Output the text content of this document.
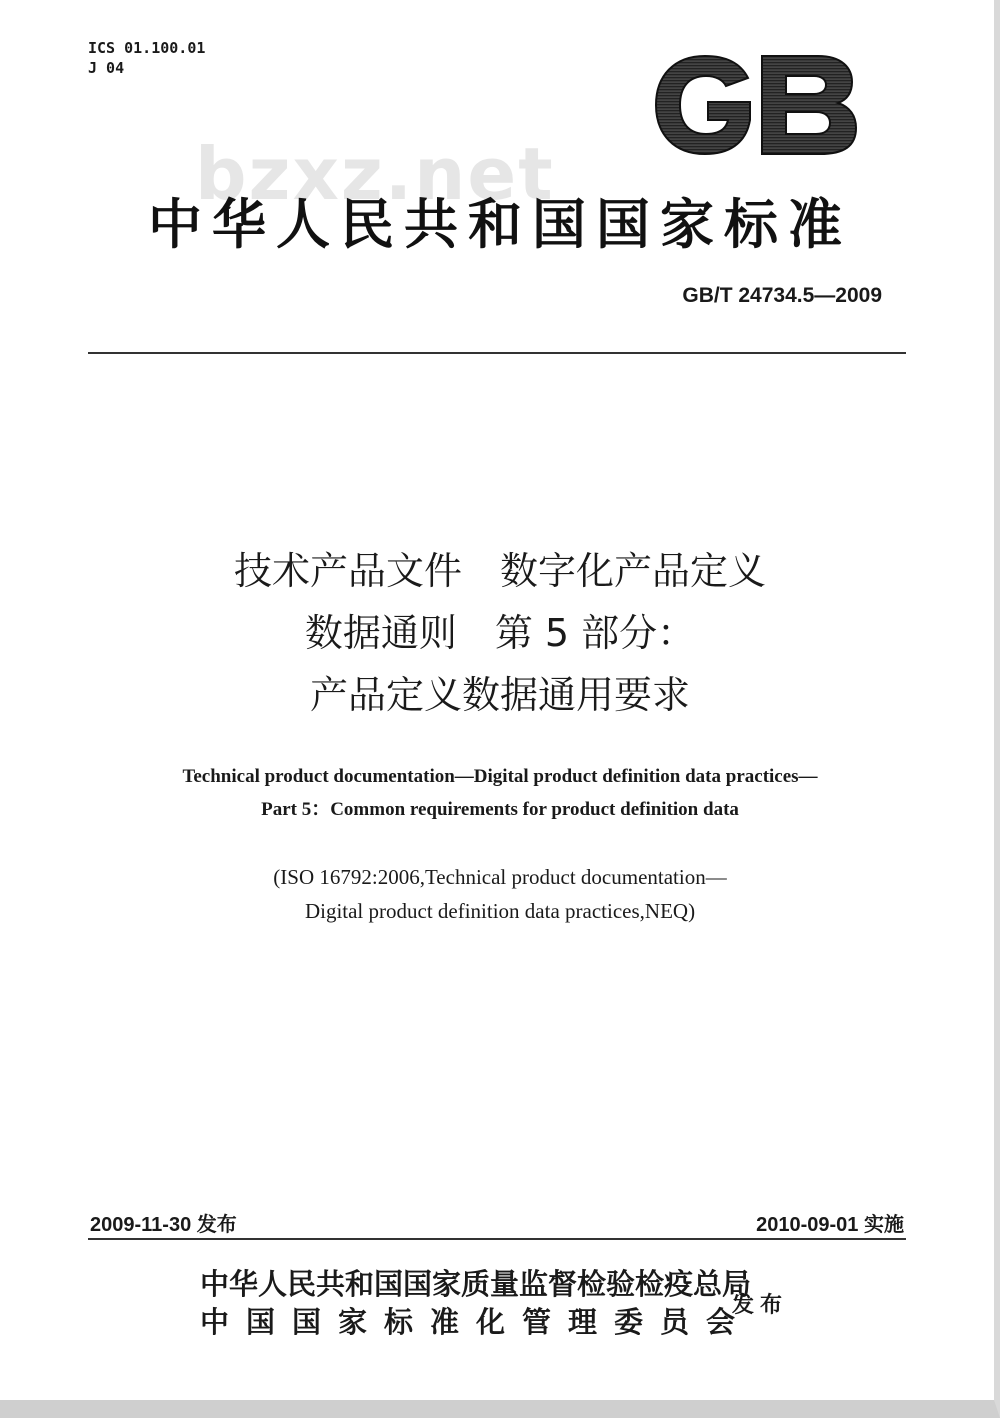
ICS 01.100.01
J 04
bzxz.net
中华人民共和国国家标准
GB/T 24734.5—2009
技术产品文件　数字化产品定义
数据通则　第 5 部分：
产品定义数据通用要求
Technical product documentation—Digital product definition data practices—
Part 5：Common requirements for product definition data
(ISO 16792:2006,Technical product documentation—
Digital product definition data practices,NEQ)
2009-11-30 发布	2010-09-01 实施
中华人民共和国国家质量监督检验检疫总局
中国国家标准化管理委员会
发布
